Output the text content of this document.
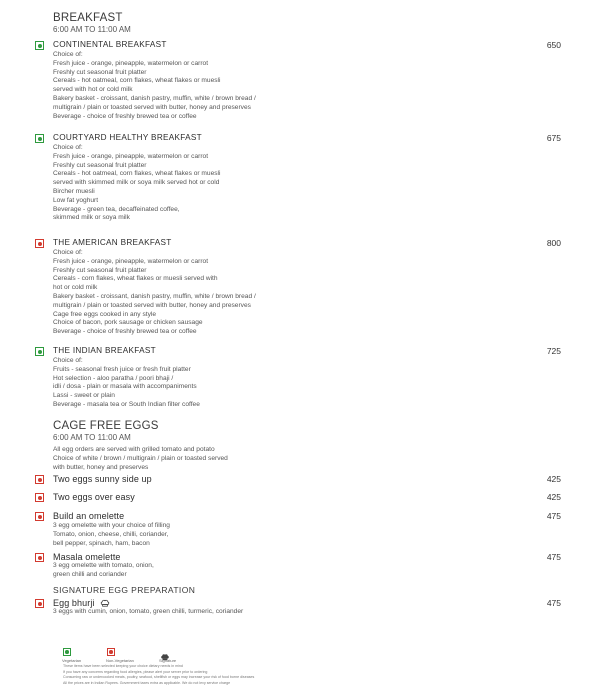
BREAKFAST
6:00 AM TO 11:00 AM
CONTINENTAL BREAKFAST	650
Choice of:
Fresh juice - orange, pineapple, watermelon or carrot
Freshly cut seasonal fruit platter
Cereals - hot oatmeal, corn flakes, wheat flakes or muesli
served with hot or cold milk
Bakery basket - croissant, danish pastry, muffin, white / brown bread /
multigrain / plain or toasted served with butter, honey and preserves
Beverage - choice of freshly brewed tea or coffee
COURTYARD HEALTHY BREAKFAST	675
Choice of:
Fresh juice - orange, pineapple, watermelon or carrot
Freshly cut seasonal fruit platter
Cereals - hot oatmeal, corn flakes, wheat flakes or muesli
served with skimmed milk or soya milk served hot or cold
Bircher muesli
Low fat yoghurt
Beverage - green tea, decaffeinated coffee,
skimmed milk or soya milk
THE AMERICAN BREAKFAST	800
Choice of:
Fresh juice - orange, pineapple, watermelon or carrot
Freshly cut seasonal fruit platter
Cereals - corn flakes, wheat flakes or muesli served with
hot or cold milk
Bakery basket - croissant, danish pastry, muffin, white / brown bread /
multigrain / plain or toasted served with butter, honey and preserves
Cage free eggs cooked in any style
Choice of bacon, pork sausage or chicken sausage
Beverage - choice of freshly brewed tea or coffee
THE INDIAN BREAKFAST	725
Choice of:
Fruits - seasonal fresh juice or fresh fruit platter
Hot selection - aloo paratha / poori bhaji /
idli / dosa - plain or masala with accompaniments
Lassi - sweet or plain
Beverage - masala tea or South Indian filter coffee
CAGE FREE EGGS
6:00 AM TO 11:00 AM
All egg orders are served with grilled tomato and potato
Choice of white / brown / multigrain / plain or toasted served
with butter, honey and preserves
Two eggs sunny side up	425
Two eggs over easy	425
Build an omelette	475
3 egg omelette with your choice of filling
Tomato, onion, cheese, chilli, coriander,
bell pepper, spinach, ham, bacon
Masala omelette	475
3 egg omelette with tomato, onion,
green chilli and coriander
SIGNATURE EGG PREPARATION
Egg bhurji	475
3 eggs with cumin, onion, tomato, green chilli, turmeric, coriander
Vegetarian	Non-Vegetarian	Signature
These items have been selected keeping your choice dietary needs in mind
If you have any concerns regarding food allergies, please alert your server prior to ordering
Consuming raw or undercooked meats, poultry, seafood, shellfish or eggs may increase your risk of food borne diseases
All the prices are in Indian Rupees. Government taxes extra as applicable. We do not levy service charge
